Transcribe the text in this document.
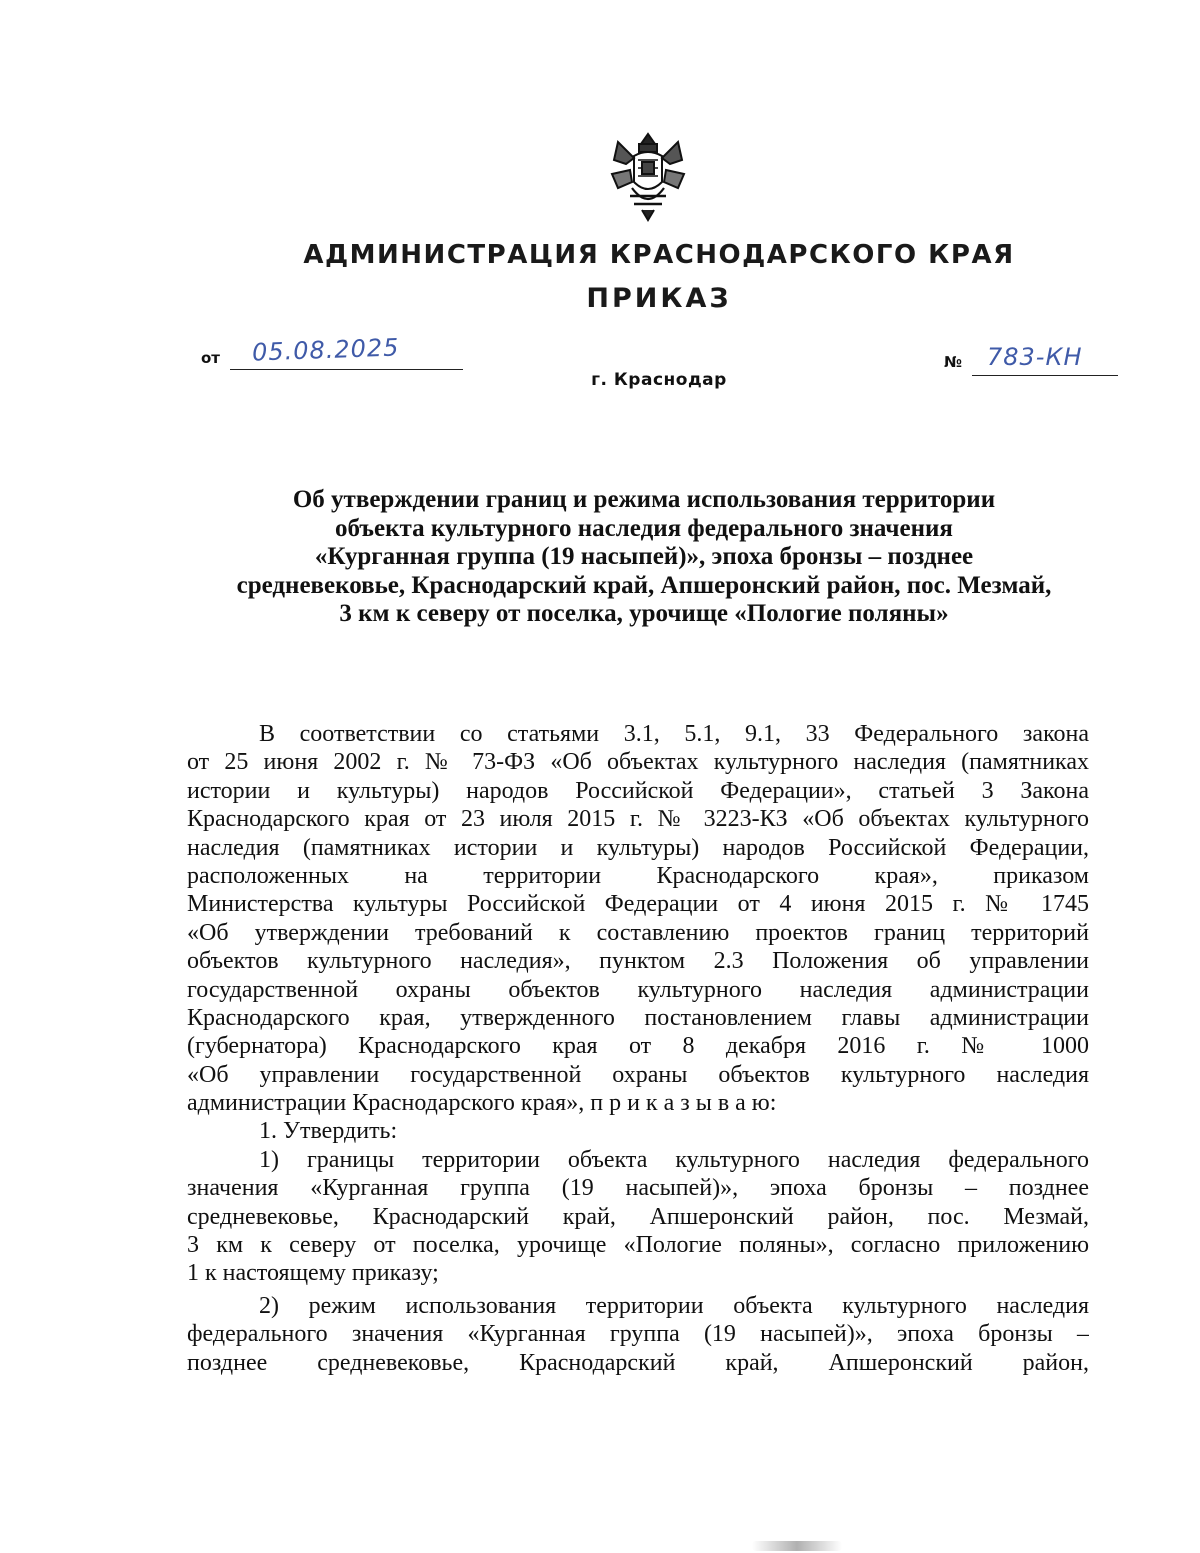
АДМИНИСТРАЦИЯ КРАСНОДАРСКОГО КРАЯ
ПРИКАЗ
от 05.08.2025	№ 783-КН
г. Краснодар
Об утверждении границ и режима использования территории
объекта культурного наследия федерального значения
«Курганная группа (19 насыпей)», эпоха бронзы – позднее
средневековье, Краснодарский край, Апшеронский район, пос. Мезмай,
3 км к северу от поселка, урочище «Пологие поляны»
В соответствии со статьями 3.1, 5.1, 9.1, 33 Федерального закона
от 25 июня 2002 г. № 73-ФЗ «Об объектах культурного наследия (памятниках
истории и культуры) народов Российской Федерации», статьей 3 Закона
Краснодарского края от 23 июля 2015 г. № 3223-КЗ «Об объектах культурного
наследия (памятниках истории и культуры) народов Российской Федерации,
расположенных на территории Краснодарского края», приказом
Министерства культуры Российской Федерации от 4 июня 2015 г. № 1745
«Об утверждении требований к составлению проектов границ территорий
объектов культурного наследия», пунктом 2.3 Положения об управлении
государственной охраны объектов культурного наследия администрации
Краснодарского края, утвержденного постановлением главы администрации
(губернатора) Краснодарского края от 8 декабря 2016 г. № 1000
«Об управлении государственной охраны объектов культурного наследия
администрации Краснодарского края», п р и к а з ы в а ю:
1. Утвердить:
1) границы территории объекта культурного наследия федерального
значения «Курганная группа (19 насыпей)», эпоха бронзы – позднее
средневековье, Краснодарский край, Апшеронский район, пос. Мезмай,
3 км к северу от поселка, урочище «Пологие поляны», согласно приложению
1 к настоящему приказу;
2) режим использования территории объекта культурного наследия
федерального значения «Курганная группа (19 насыпей)», эпоха бронзы –
позднее средневековье, Краснодарский край, Апшеронский район,
